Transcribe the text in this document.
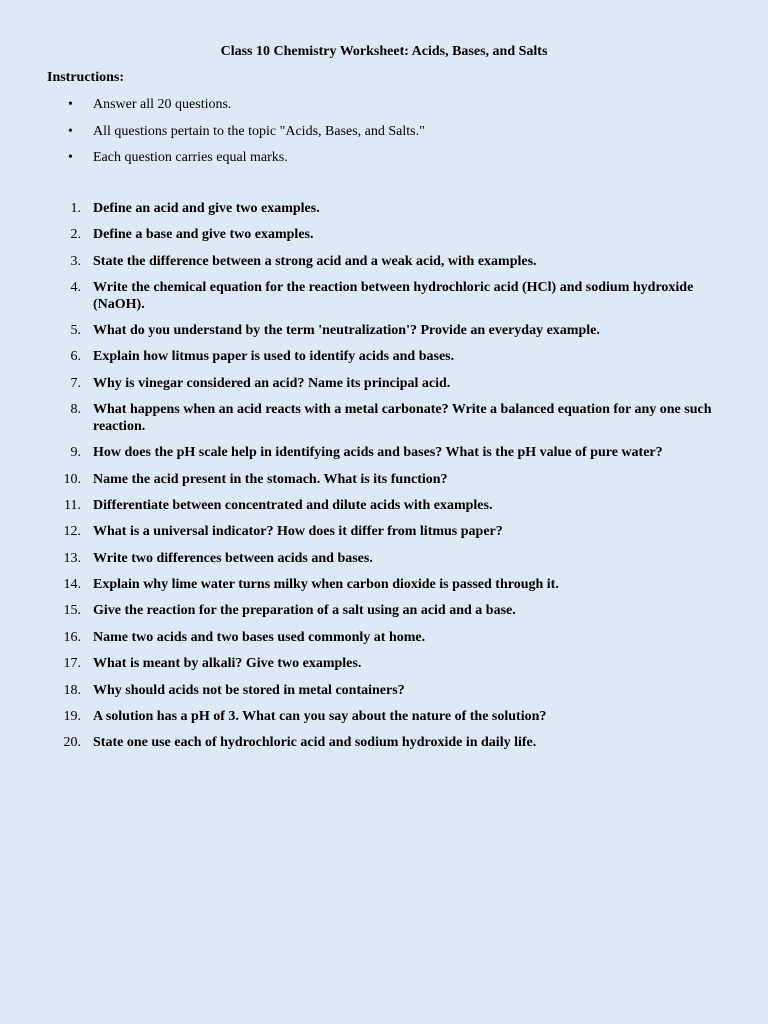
Class 10 Chemistry Worksheet: Acids, Bases, and Salts
Instructions:
• Answer all 20 questions.
• All questions pertain to the topic "Acids, Bases, and Salts."
• Each question carries equal marks.
1. Define an acid and give two examples.
2. Define a base and give two examples.
3. State the difference between a strong acid and a weak acid, with examples.
4. Write the chemical equation for the reaction between hydrochloric acid (HCl) and sodium hydroxide (NaOH).
5. What do you understand by the term 'neutralization'? Provide an everyday example.
6. Explain how litmus paper is used to identify acids and bases.
7. Why is vinegar considered an acid? Name its principal acid.
8. What happens when an acid reacts with a metal carbonate? Write a balanced equation for any one such reaction.
9. How does the pH scale help in identifying acids and bases? What is the pH value of pure water?
10. Name the acid present in the stomach. What is its function?
11. Differentiate between concentrated and dilute acids with examples.
12. What is a universal indicator? How does it differ from litmus paper?
13. Write two differences between acids and bases.
14. Explain why lime water turns milky when carbon dioxide is passed through it.
15. Give the reaction for the preparation of a salt using an acid and a base.
16. Name two acids and two bases used commonly at home.
17. What is meant by alkali? Give two examples.
18. Why should acids not be stored in metal containers?
19. A solution has a pH of 3. What can you say about the nature of the solution?
20. State one use each of hydrochloric acid and sodium hydroxide in daily life.
